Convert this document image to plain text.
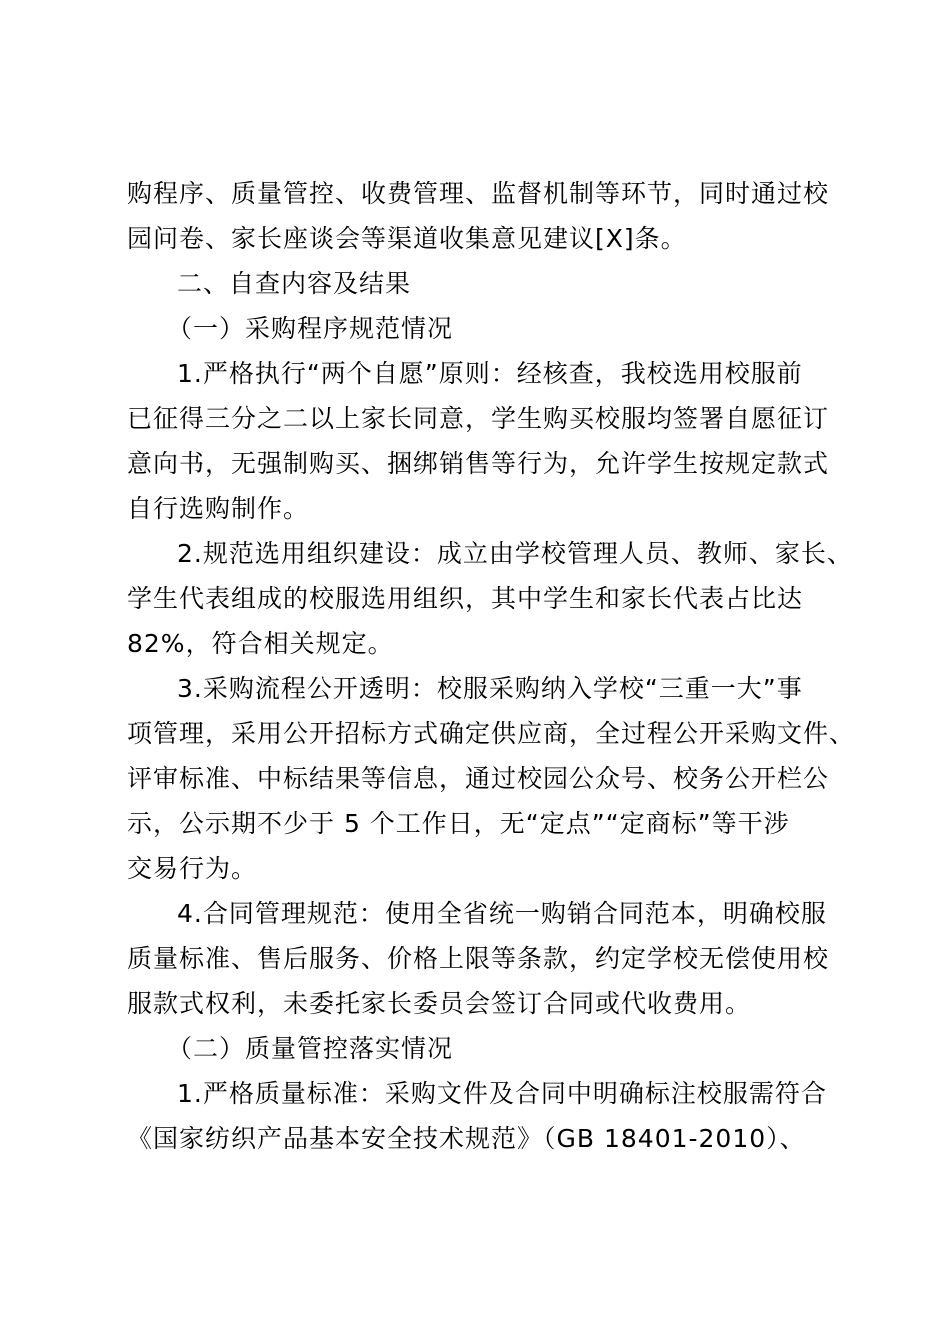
购程序、质量管控、收费管理、监督机制等环节，同时通过校
园问卷、家长座谈会等渠道收集意见建议[X]条。
二、自查内容及结果
（一）采购程序规范情况
1.严格执行“两个自愿”原则：经核查，我校选用校服前
已征得三分之二以上家长同意，学生购买校服均签署自愿征订
意向书，无强制购买、捆绑销售等行为，允许学生按规定款式
自行选购制作。
2.规范选用组织建设：成立由学校管理人员、教师、家长、
学生代表组成的校服选用组织，其中学生和家长代表占比达
82%，符合相关规定。
3.采购流程公开透明：校服采购纳入学校“三重一大”事
项管理，采用公开招标方式确定供应商，全过程公开采购文件、
评审标准、中标结果等信息，通过校园公众号、校务公开栏公
示，公示期不少于 5 个工作日，无“定点”“定商标”等干涉
交易行为。
4.合同管理规范：使用全省统一购销合同范本，明确校服
质量标准、售后服务、价格上限等条款，约定学校无偿使用校
服款式权利，未委托家长委员会签订合同或代收费用。
（二）质量管控落实情况
1.严格质量标准：采购文件及合同中明确标注校服需符合
《国家纺织产品基本安全技术规范》（GB 18401-2010）、
